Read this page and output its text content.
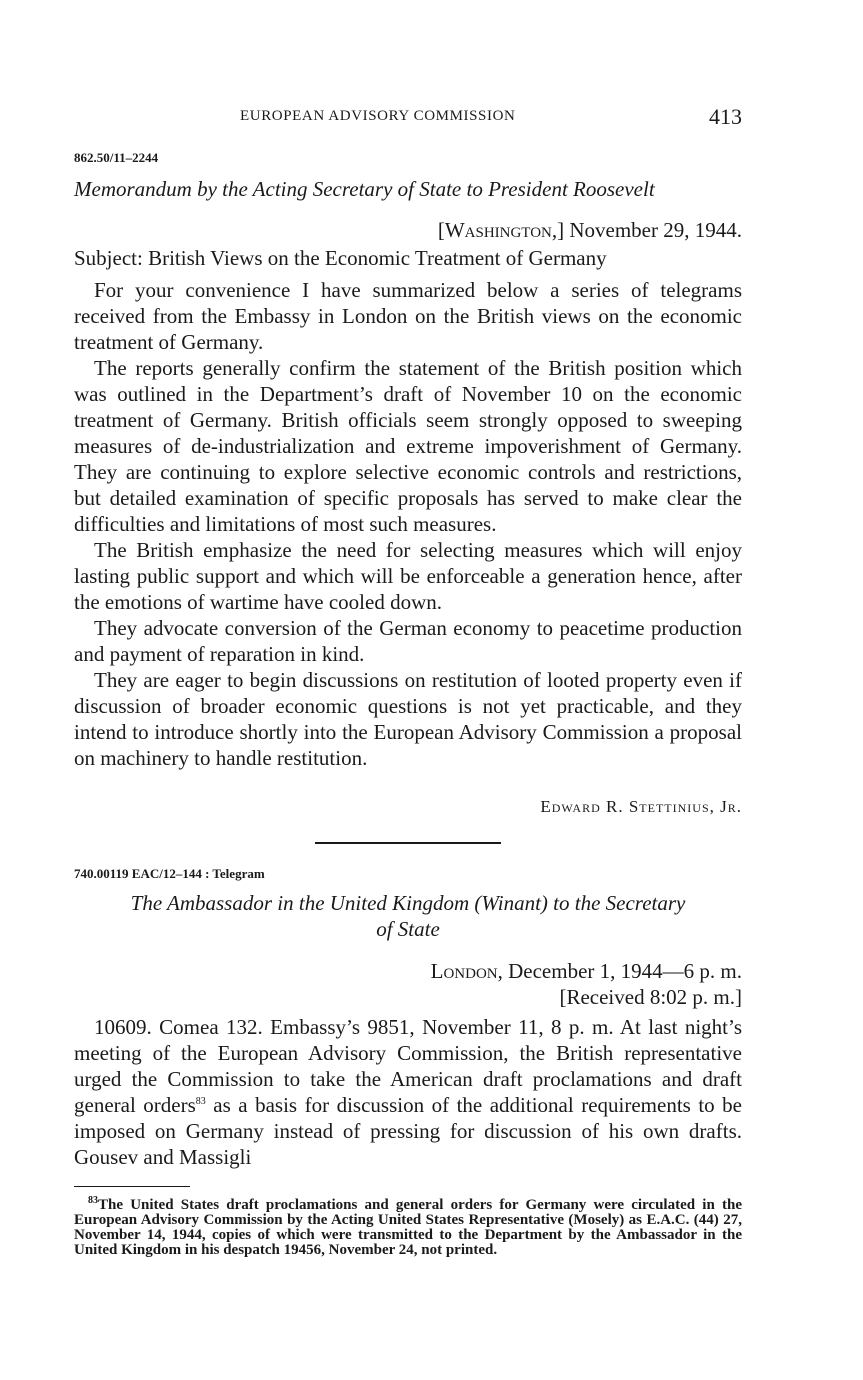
EUROPEAN ADVISORY COMMISSION	413
862.50/11–2244
Memorandum by the Acting Secretary of State to President Roosevelt
[Washington,] November 29, 1944.

Subject: British Views on the Economic Treatment of Germany

For your convenience I have summarized below a series of telegrams received from the Embassy in London on the British views on the economic treatment of Germany.

The reports generally confirm the statement of the British position which was outlined in the Department’s draft of November 10 on the economic treatment of Germany. British officials seem strongly opposed to sweeping measures of de-industrialization and extreme impoverishment of Germany. They are continuing to explore selective economic controls and restrictions, but detailed examination of specific proposals has served to make clear the difficulties and limitations of most such measures.

The British emphasize the need for selecting measures which will enjoy lasting public support and which will be enforceable a generation hence, after the emotions of wartime have cooled down.

They advocate conversion of the German economy to peacetime production and payment of reparation in kind.

They are eager to begin discussions on restitution of looted property even if discussion of broader economic questions is not yet practicable, and they intend to introduce shortly into the European Advisory Commission a proposal on machinery to handle restitution.

Edward R. Stettinius, Jr.
740.00119 EAC/12–144 : Telegram
The Ambassador in the United Kingdom (Winant) to the Secretary
of State
London, December 1, 1944—6 p. m.
[Received 8:02 p. m.]

10609. Comea 132. Embassy’s 9851, November 11, 8 p. m. At last night’s meeting of the European Advisory Commission, the British representative urged the Commission to take the American draft proclamations and draft general orders$^{83}$ as a basis for discussion of the additional requirements to be imposed on Germany instead of pressing for discussion of his own drafts. Gousev and Massigli

$^{83}$The United States draft proclamations and general orders for Germany were circulated in the European Advisory Commission by the Acting United States Representative (Mosely) as E.A.C. (44) 27, November 14, 1944, copies of which were transmitted to the Department by the Ambassador in the United Kingdom in his despatch 19456, November 24, not printed.
